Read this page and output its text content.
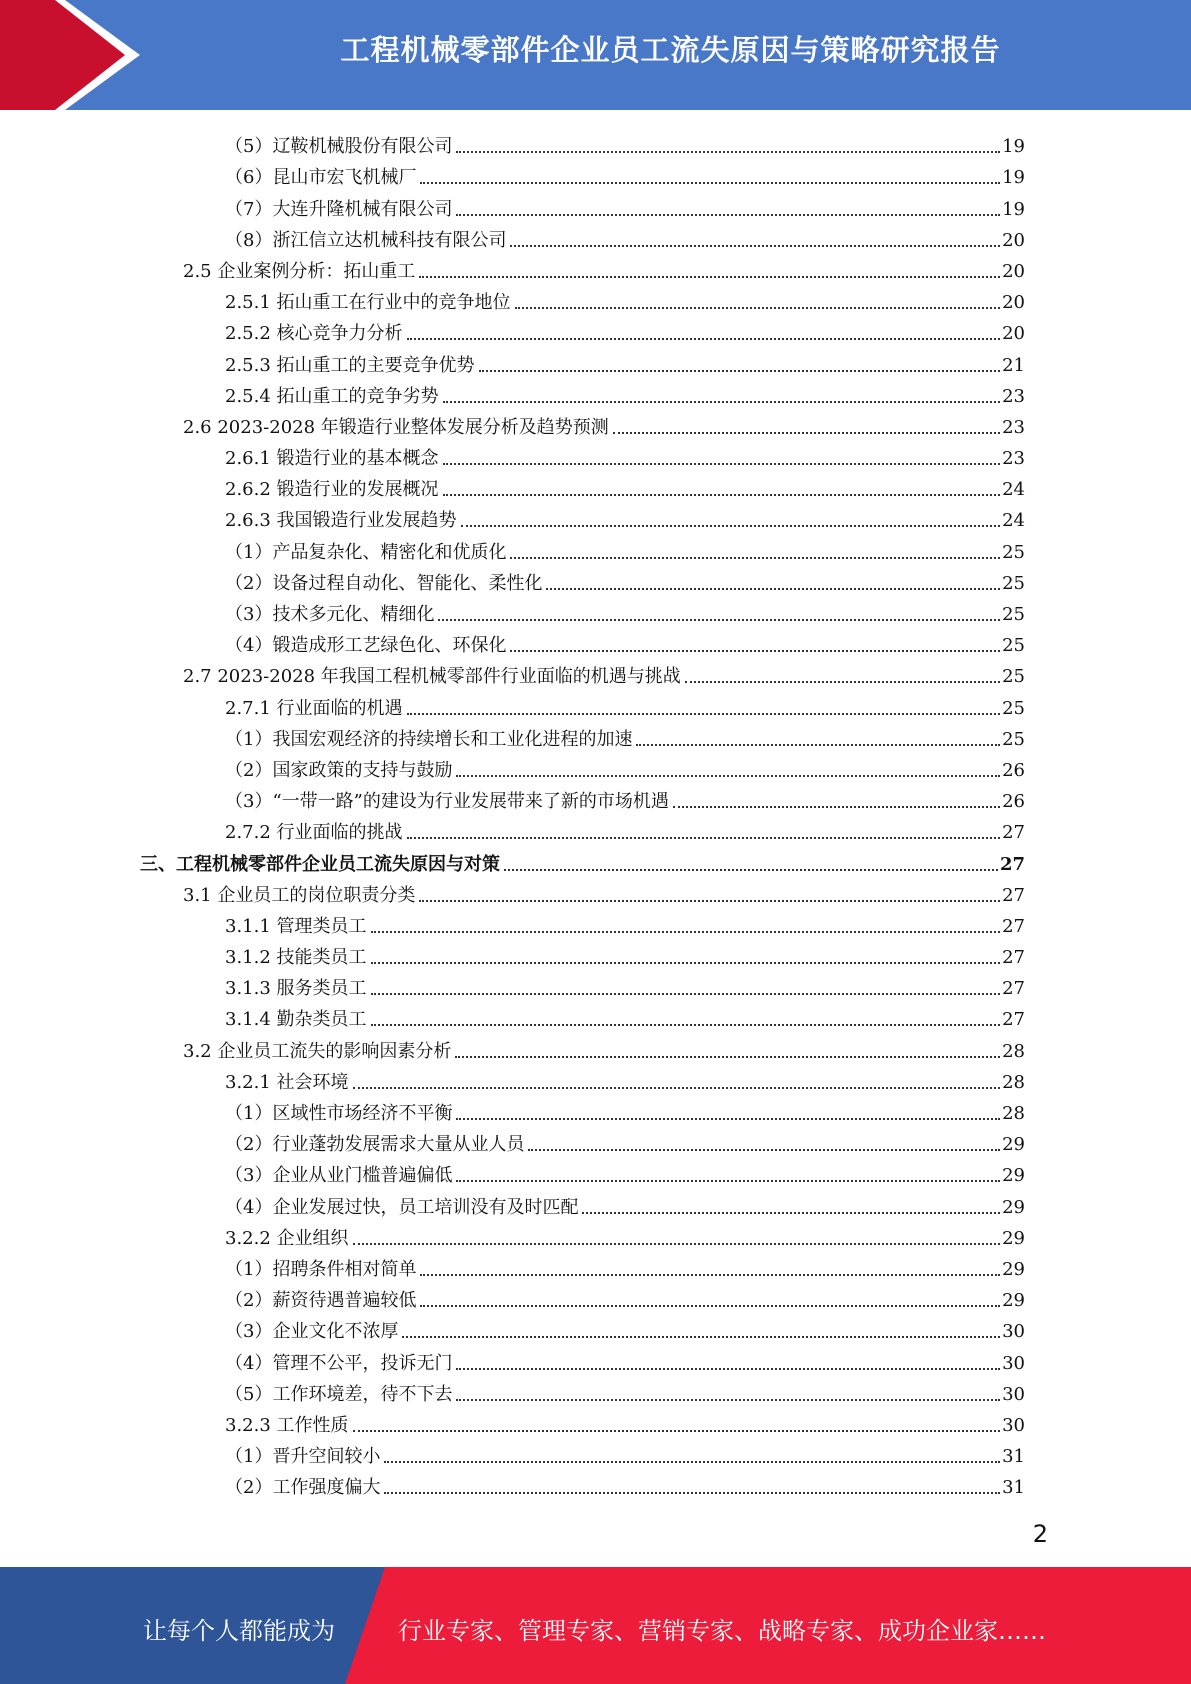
工程机械零部件企业员工流失原因与策略研究报告
（5）辽鞍机械股份有限公司	19
（6）昆山市宏飞机械厂	19
（7）大连升隆机械有限公司	19
（8）浙江信立达机械科技有限公司	20
2.5 企业案例分析：拓山重工	20
2.5.1 拓山重工在行业中的竞争地位	20
2.5.2 核心竞争力分析	20
2.5.3 拓山重工的主要竞争优势	21
2.5.4 拓山重工的竞争劣势	23
2.6 2023-2028 年锻造行业整体发展分析及趋势预测	23
2.6.1 锻造行业的基本概念	23
2.6.2 锻造行业的发展概况	24
2.6.3 我国锻造行业发展趋势	24
（1）产品复杂化、精密化和优质化	25
（2）设备过程自动化、智能化、柔性化	25
（3）技术多元化、精细化	25
（4）锻造成形工艺绿色化、环保化	25
2.7 2023-2028 年我国工程机械零部件行业面临的机遇与挑战	25
2.7.1 行业面临的机遇	25
（1）我国宏观经济的持续增长和工业化进程的加速	25
（2）国家政策的支持与鼓励	26
（3）“一带一路”的建设为行业发展带来了新的市场机遇	26
2.7.2 行业面临的挑战	27
三、工程机械零部件企业员工流失原因与对策	27
3.1 企业员工的岗位职责分类	27
3.1.1 管理类员工	27
3.1.2 技能类员工	27
3.1.3 服务类员工	27
3.1.4 勤杂类员工	27
3.2 企业员工流失的影响因素分析	28
3.2.1 社会环境	28
（1）区域性市场经济不平衡	28
（2）行业蓬勃发展需求大量从业人员	29
（3）企业从业门槛普遍偏低	29
（4）企业发展过快，员工培训没有及时匹配	29
3.2.2 企业组织	29
（1）招聘条件相对简单	29
（2）薪资待遇普遍较低	29
（3）企业文化不浓厚	30
（4）管理不公平，投诉无门	30
（5）工作环境差，待不下去	30
3.2.3 工作性质	30
（1）晋升空间较小	31
（2）工作强度偏大	31
2
让每个人都能成为	行业专家、管理专家、营销专家、战略专家、成功企业家……
